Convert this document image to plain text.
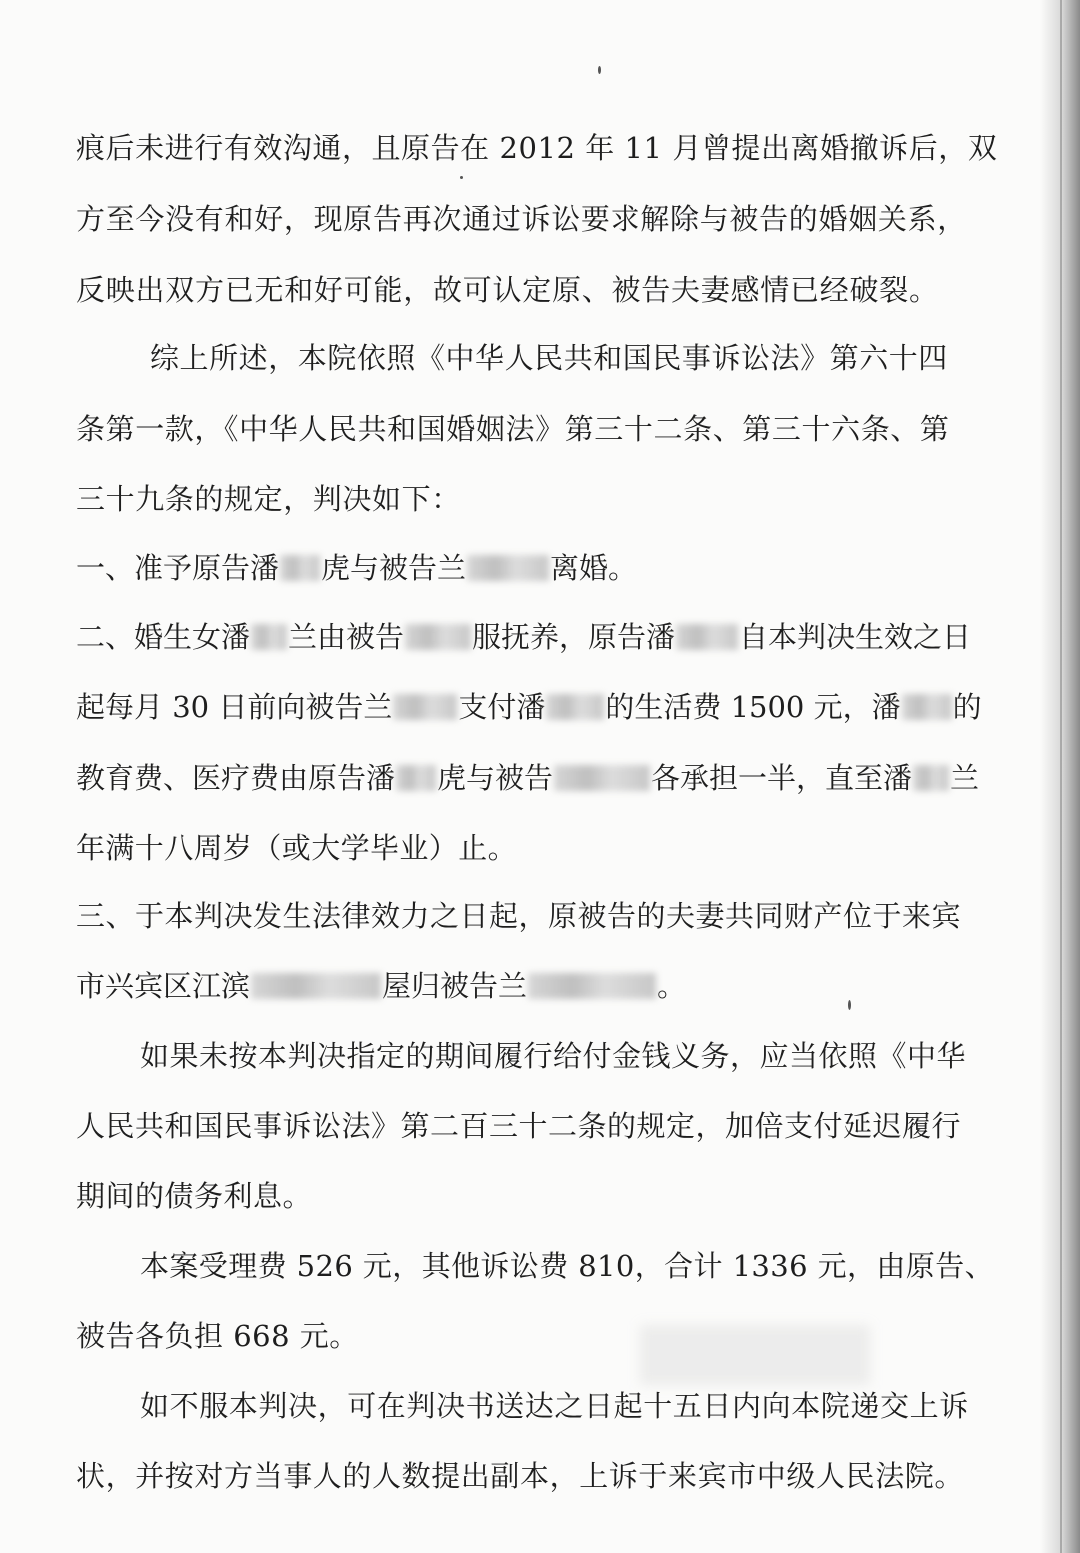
痕后未进行有效沟通，且原告在 2012 年 11 月曾提出离婚撤诉后，双
方至今没有和好，现原告再次通过诉讼要求解除与被告的婚姻关系，
反映出双方已无和好可能，故可认定原、被告夫妻感情已经破裂。
综上所述，本院依照《中华人民共和国民事诉讼法》第六十四
条第一款，《中华人民共和国婚姻法》第三十二条、第三十六条、第
三十九条的规定，判决如下：
一、准予原告潘 虎与被告兰	离婚。
二、婚生女潘 兰由被告 服抚养，原告潘 自本判决生效之日
起每月 30 日前向被告兰 支付潘 的生活费 1500 元，潘 的
教育费、医疗费由原告潘 虎与被告	各承担一半，直至潘 兰
年满十八周岁（或大学毕业）止。
三、于本判决发生法律效力之日起，原被告的夫妻共同财产位于来宾
市兴宾区江滨	屋归被告兰	。
如果未按本判决指定的期间履行给付金钱义务，应当依照《中华
人民共和国民事诉讼法》第二百三十二条的规定，加倍支付延迟履行
期间的债务利息。
本案受理费 526 元，其他诉讼费 810，合计 1336 元，由原告、
被告各负担 668 元。
如不服本判决，可在判决书送达之日起十五日内向本院递交上诉
状，并按对方当事人的人数提出副本，上诉于来宾市中级人民法院。
